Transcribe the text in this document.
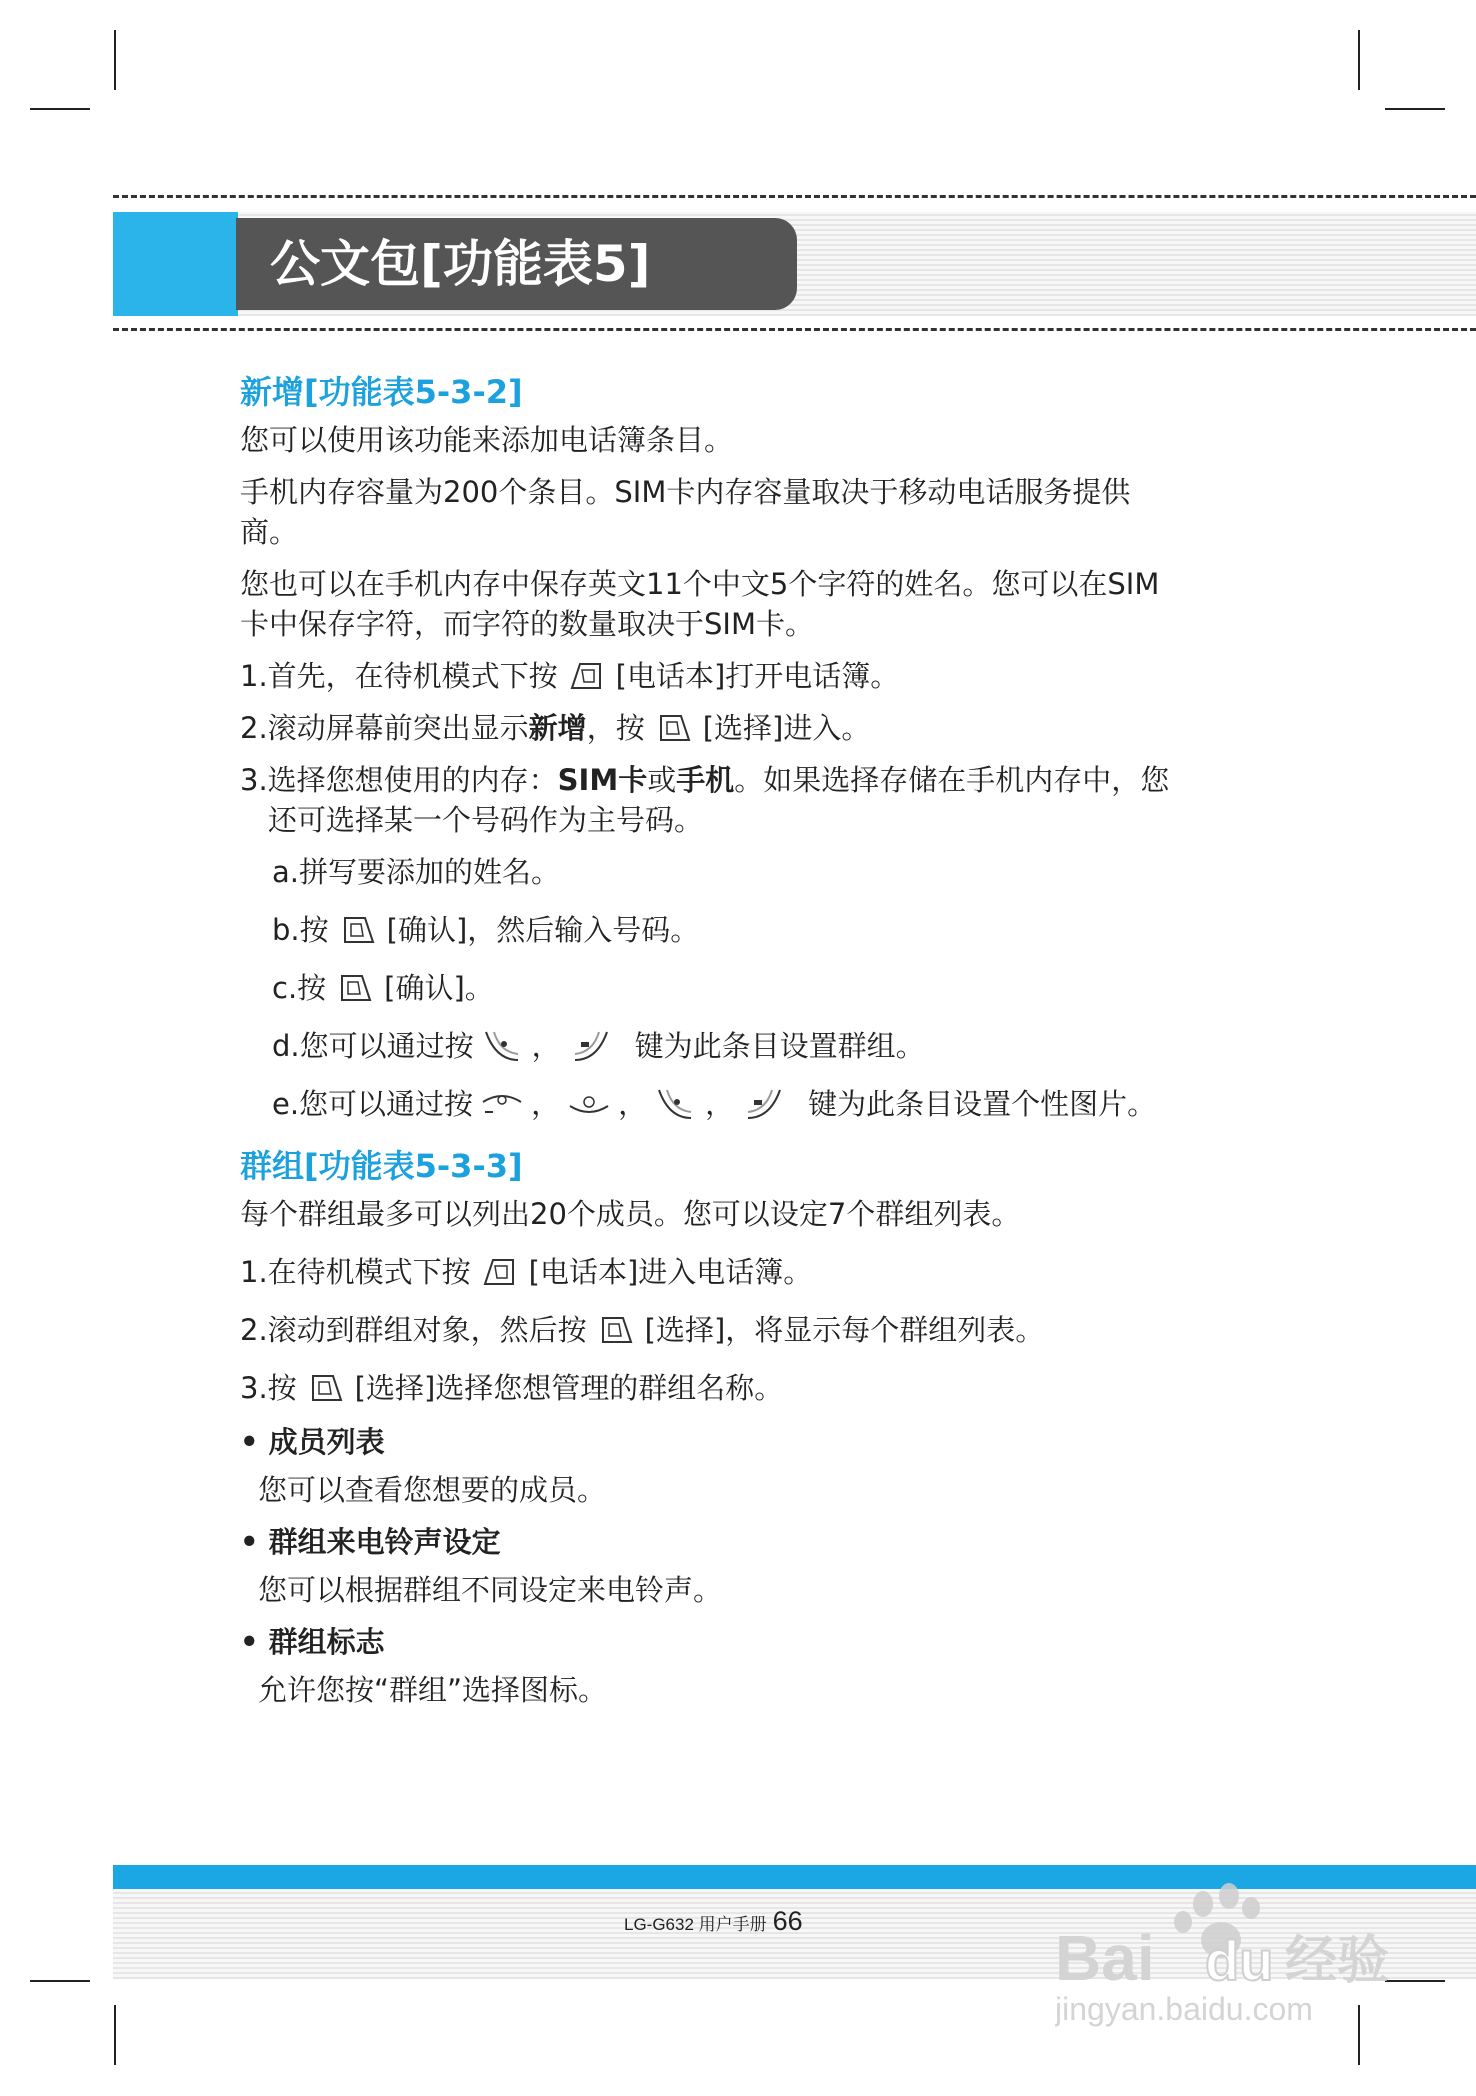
公文包[功能表5]
新增[功能表5-3-2]

您可以使用该功能来添加电话簿条目。

手机内存容量为200个条目。SIM卡内存容量取决于移动电话服务提供商。

您也可以在手机内存中保存英文11个中文5个字符的姓名。您可以在SIM卡中保存字符，而字符的数量取决于SIM卡。

1.首先，在待机模式下按 [电话本]打开电话簿。

2.滚动屏幕前突出显示新增，按 [选择]进入。

3.选择您想使用的内存：SIM卡或手机。如果选择存储在手机内存中，您还可选择某一个号码作为主号码。

a.拼写要添加的姓名。

b.按 [确认]，然后输入号码。

c.按 [确认]。

d.您可以通过按 ，	键为此条目设置群组。

e.您可以通过按 ， ， ，	键为此条目设置个性图片。

群组[功能表5-3-3]

每个群组最多可以列出20个成员。您可以设定7个群组列表。

1.在待机模式下按 [电话本]进入电话簿。

2.滚动到群组对象，然后按 [选择]，将显示每个群组列表。

3.按 [选择]选择您想管理的群组名称。

• 成员列表

您可以查看您想要的成员。

• 群组来电铃声设定

您可以根据群组不同设定来电铃声。

• 群组标志

允许您按“群组”选择图标。

LG-G632 用户手册 66
Bai du 经验
jingyan.baidu.com
